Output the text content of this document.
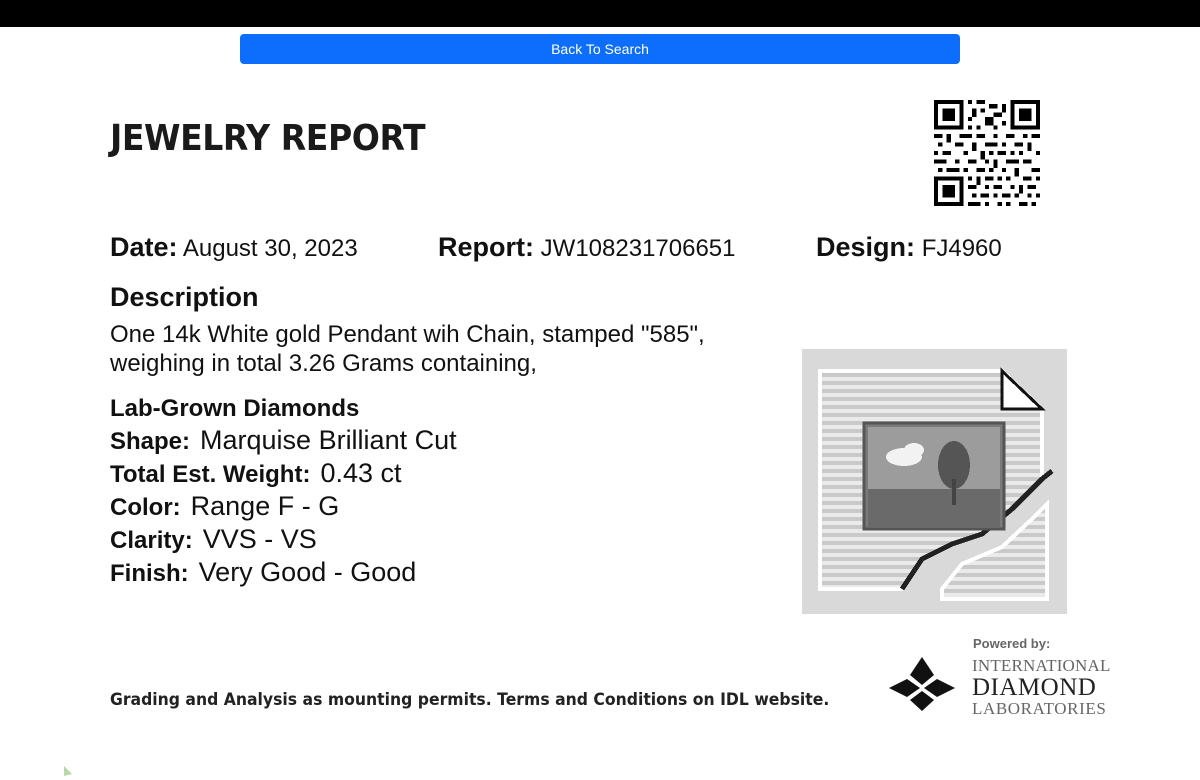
Back To Search
JEWELRY REPORT
Date: August 30, 2023	Report: JW108231706651	Design: FJ4960
Description

One 14k White gold Pendant wih Chain, stamped "585",
weighing in total 3.26 Grams containing,

Lab-Grown Diamonds
Shape: Marquise Brilliant Cut
Total Est. Weight: 0.43 ct
Color: Range F - G
Clarity: VVS - VS
Finish: Very Good - Good

Grading and Analysis as mounting permits. Terms and Conditions on IDL website.

Powered by:
INTERNATIONAL
DIAMOND
LABORATORIES
